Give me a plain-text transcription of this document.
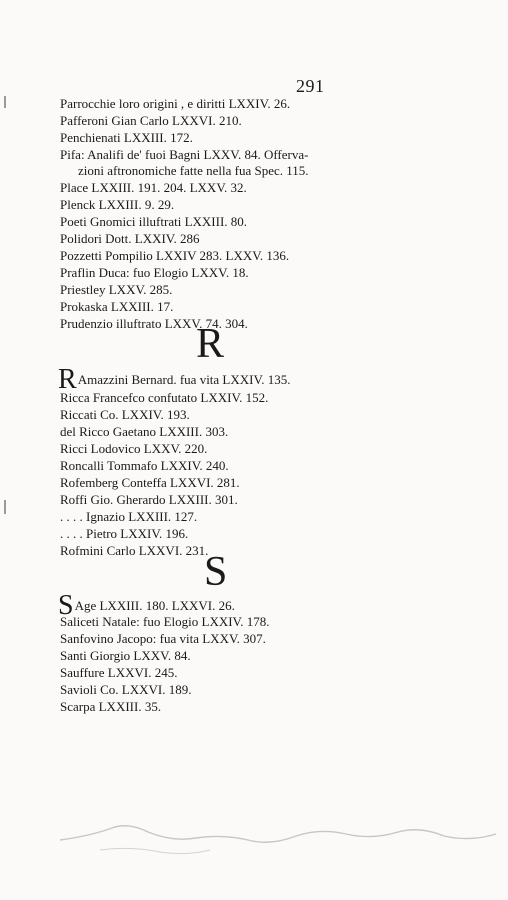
291
Parrocchie loro origini , e diritti LXXIV. 26.
Pafferoni Gian Carlo LXXVI. 210.
Penchienati LXXIII. 172.
Pifa: Analifi de' fuoi Bagni LXXV. 84. Offerva-
zioni aftronomiche fatte nella fua Spec. 115.
Place LXXIII. 191. 204. LXXV. 32.
Plenck LXXIII. 9. 29.
Poeti Gnomici illuftrati LXXIII. 80.
Polidori Dott. LXXIV. 286
Pozzetti Pompilio LXXIV 283. LXXV. 136.
Praflin Duca: fuo Elogio LXXV. 18.
Priestley LXXV. 285.
Prokaska LXXIII. 17.
Prudenzio illuftrato LXXV. 74. 304.
R
RAmazzini Bernard. fua vita LXXIV. 135.
Ricca Francefco confutato LXXIV. 152.
Riccati Co. LXXIV. 193.
del Ricco Gaetano LXXIII. 303.
Ricci Lodovico LXXV. 220.
Roncalli Tommafo LXXIV. 240.
Rofemberg Conteffa LXXVI. 281.
Roffi Gio. Gherardo LXXIII. 301.
. . . . Ignazio LXXIII. 127.
. . . . Pietro LXXIV. 196.
Rofmini Carlo LXXVI. 231.
S
SAge LXXIII. 180. LXXVI. 26.
Saliceti Natale: fuo Elogio LXXIV. 178.
Sanfovino Jacopo: fua vita LXXV. 307.
Santi Giorgio LXXV. 84.
Sauffure LXXVI. 245.
Savioli Co. LXXVI. 189.
Scarpa LXXIII. 35.
